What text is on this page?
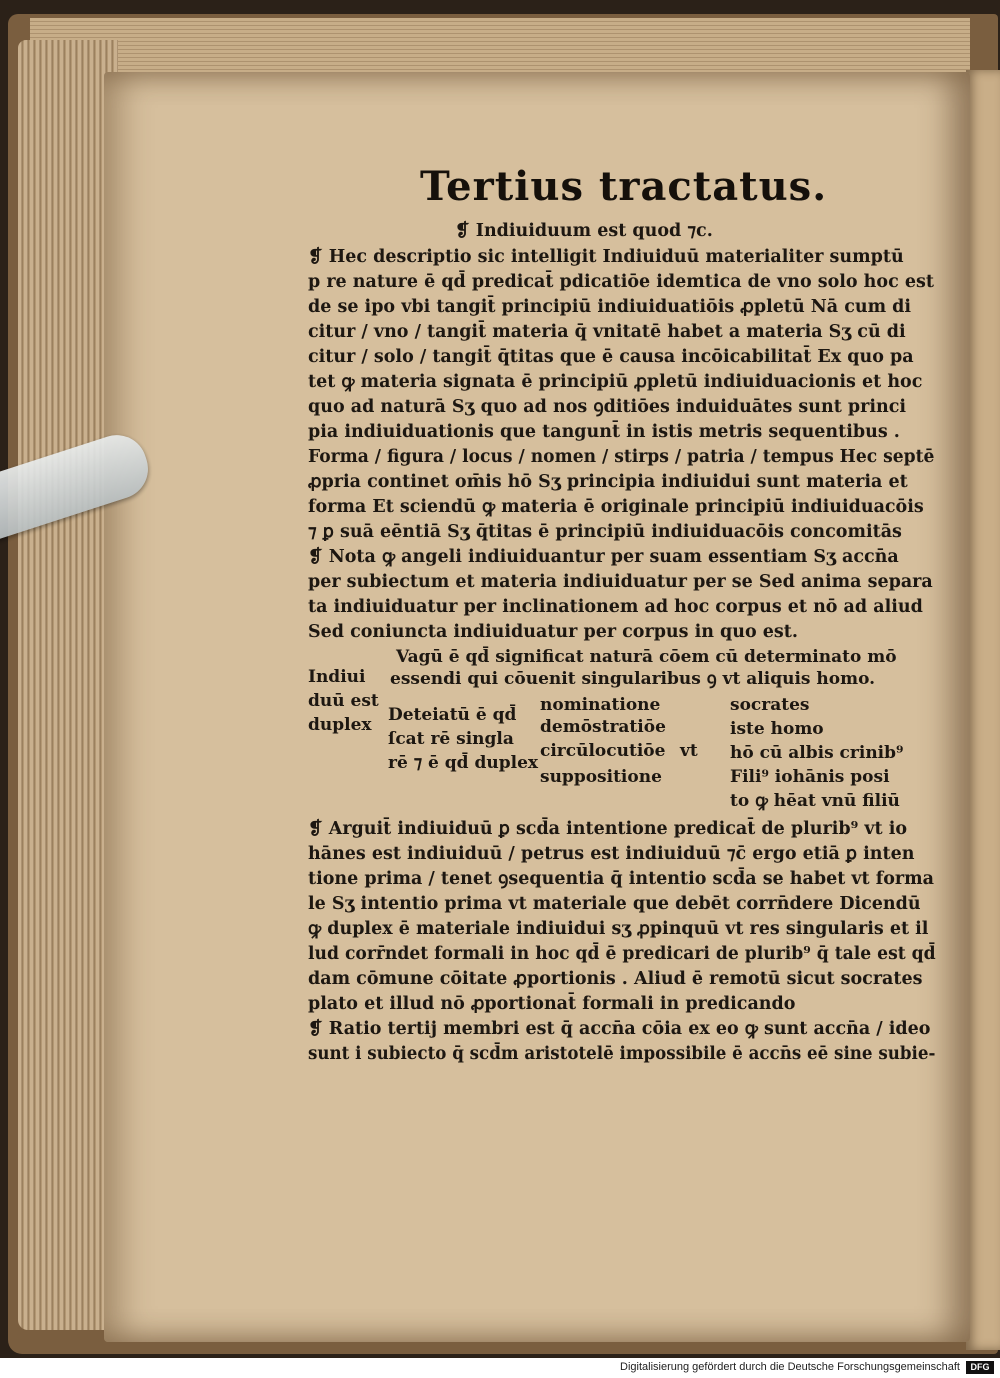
Tertius tractatus.
❡ Indiuiduum est quod ⁊c.
❡ Hec descriptio sic intelligit Indiuiduū materialiter sumptū
p re nature ē qd̄ predicat̄ pdicatiōe idemtica de vno solo hoc est
de se ipo vbi tangit̄ principiū indiuiduatiōis ꝓpletū Nā cum di
citur / vno / tangit̄ materia q̄ vnitatē habet a materia Sʒ cū di
citur / solo / tangit̄ q̄titas que ē causa incōicabilitat̄ Ex quo pa
tet ꝙ materia signata ē principiū ꝓpletū indiuiduacionis et hoc
quo ad naturā Sʒ quo ad nos ꝯditiōes induiduātes sunt princi
pia indiuiduationis que tangunt̄ in istis metris sequentibus .
Forma / figura / locus / nomen / stirps / patria / tempus Hec septē
ꝓpria continet om̄is hō Sʒ principia indiuidui sunt materia et
forma Et sciendū ꝙ materia ē originale principiū indiuiduacōis
⁊ ꝑ suā eēntiā Sʒ q̄titas ē principiū indiuiduacōis concomitās
❡ Nota ꝙ angeli indiuiduantur per suam essentiam Sʒ accn̄a
per subiectum et materia indiuiduatur per se Sed anima separa
ta indiuiduatur per inclinationem ad hoc corpus et nō ad aliud
Sed coniuncta indiuiduatur per corpus in quo est.
Vagū ē qd̄ significat naturā cōem cū determinato mō
Indiui essendi qui cōuenit singularibus ꝯ vt aliquis homo.
duū est
duplex Deteiatū ē qd̄
ſcat rē singla
rē ⁊ ē qd̄ duplex
nominatione
demōstratiōe
circūlocutiōe
suppositione
vt
socrates
iste homo
hō cū albis crinib⁹
Fili⁹ iohānis posi
to ꝙ hēat vnū filiū
❡ Arguit̄ indiuiduū ꝑ scd̄a intentione predicat̄ de plurib⁹ vt io
hānes est indiuiduū / petrus est indiuiduū ⁊c̄ ergo etiā ꝑ inten
tione prima / tenet ꝯsequentia q̄ intentio scd̄a se habet vt forma
le Sʒ intentio prima vt materiale que debēt corrn̄dere Dicendū
ꝙ duplex ē materiale indiuidui sʒ ꝓpinquū vt res singularis et il
lud corr̄ndet formali in hoc qd̄ ē predicari de plurib⁹ q̄ tale est qd̄
dam cōmune cōitate ꝓportionis . Aliud ē remotū sicut socrates
plato et illud nō ꝓportionat̄ formali in predicando
❡ Ratio tertij membri est q̄ accn̄a cōia ex eo ꝙ sunt accn̄a / ideo
sunt i subiecto q̄ scd̄m aristotelē impossibile ē accn̄s eē sine subie-
Digitalisierung gefördert durch die Deutsche Forschungsgemeinschaft	DFG
